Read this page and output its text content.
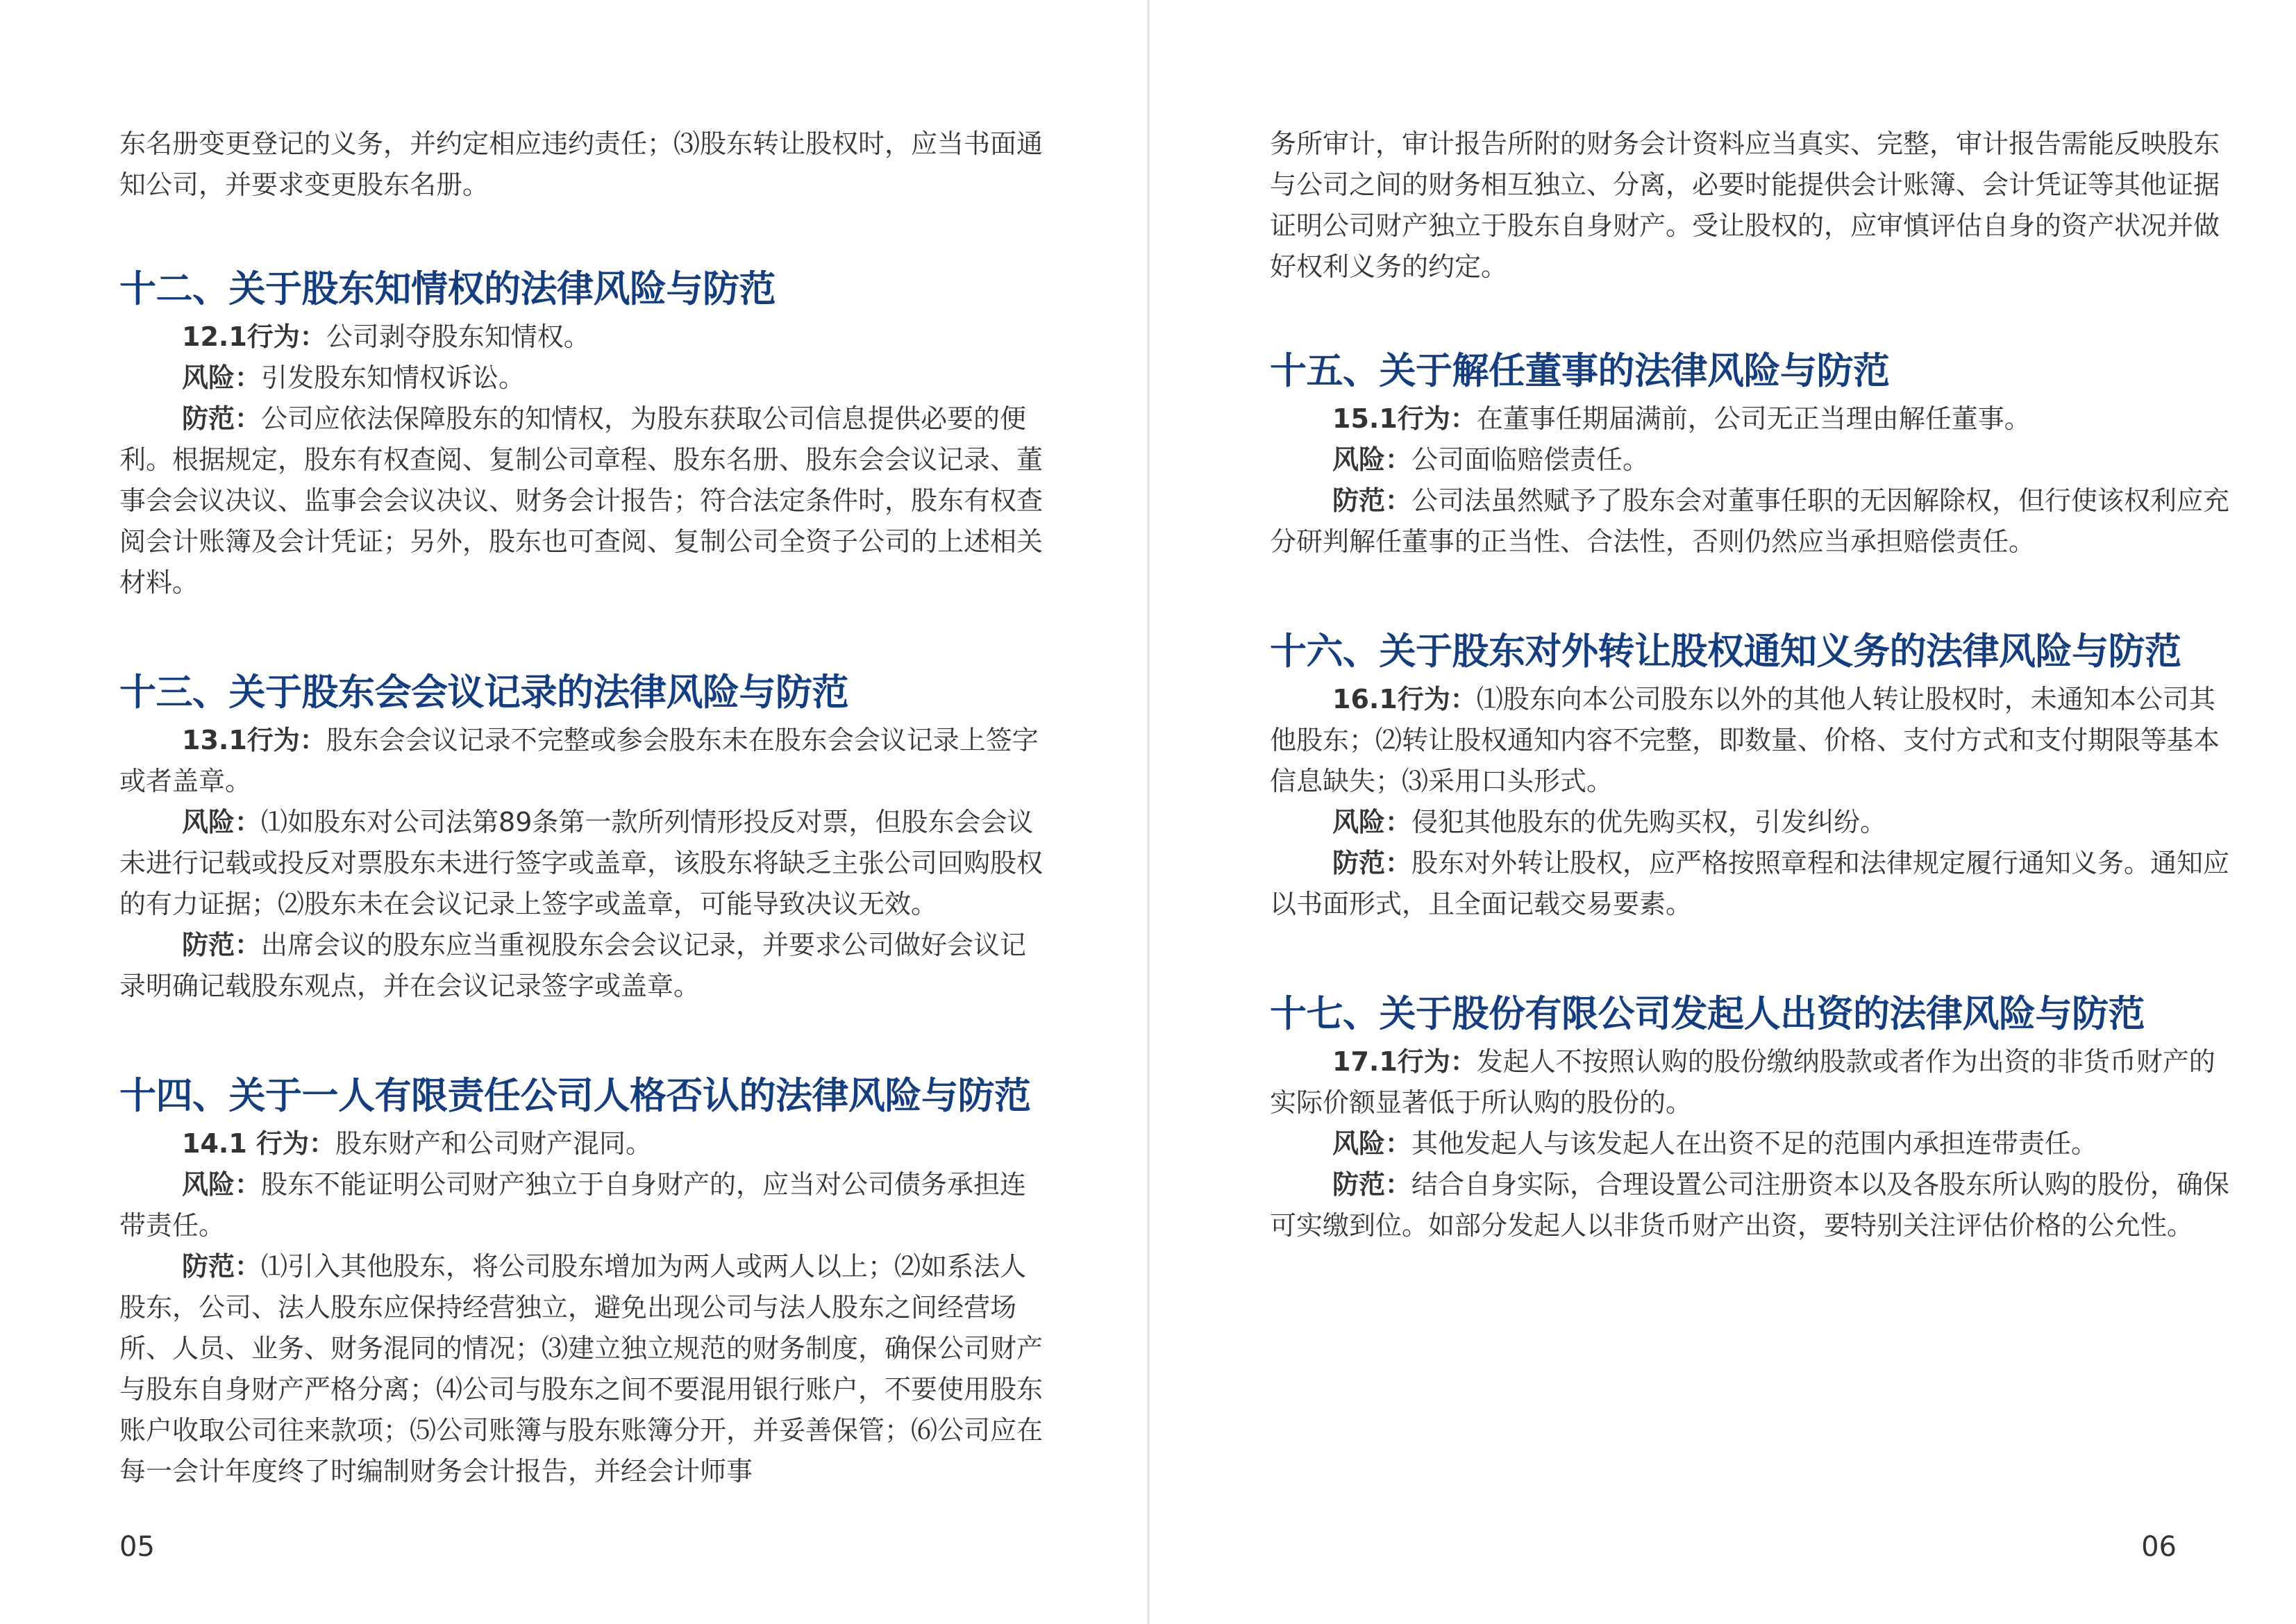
东名册变更登记的义务，并约定相应违约责任；⑶股东转让股权时，应当书面通知公司，并要求变更股东名册。

十二、关于股东知情权的法律风险与防范

12.1行为：公司剥夺股东知情权。

风险：引发股东知情权诉讼。

防范：公司应依法保障股东的知情权，为股东获取公司信息提供必要的便利。根据规定，股东有权查阅、复制公司章程、股东名册、股东会会议记录、董事会会议决议、监事会会议决议、财务会计报告；符合法定条件时，股东有权查阅会计账簿及会计凭证；另外，股东也可查阅、复制公司全资子公司的上述相关材料。

十三、关于股东会会议记录的法律风险与防范

13.1行为：股东会会议记录不完整或参会股东未在股东会会议记录上签字或者盖章。

风险：⑴如股东对公司法第89条第一款所列情形投反对票，但股东会会议未进行记载或投反对票股东未进行签字或盖章，该股东将缺乏主张公司回购股权的有力证据；⑵股东未在会议记录上签字或盖章，可能导致决议无效。

防范：出席会议的股东应当重视股东会会议记录，并要求公司做好会议记录明确记载股东观点，并在会议记录签字或盖章。

十四、关于一人有限责任公司人格否认的法律风险与防范

14.1 行为：股东财产和公司财产混同。

风险：股东不能证明公司财产独立于自身财产的，应当对公司债务承担连带责任。

防范：⑴引入其他股东，将公司股东增加为两人或两人以上；⑵如系法人股东，公司、法人股东应保持经营独立，避免出现公司与法人股东之间经营场所、人员、业务、财务混同的情况；⑶建立独立规范的财务制度，确保公司财产与股东自身财产严格分离；⑷公司与股东之间不要混用银行账户，不要使用股东账户收取公司往来款项；⑸公司账簿与股东账簿分开，并妥善保管；⑹公司应在每一会计年度终了时编制财务会计报告，并经会计师事

05

务所审计，审计报告所附的财务会计资料应当真实、完整，审计报告需能反映股东与公司之间的财务相互独立、分离，必要时能提供会计账簿、会计凭证等其他证据证明公司财产独立于股东自身财产。受让股权的，应审慎评估自身的资产状况并做好权利义务的约定。

十五、关于解任董事的法律风险与防范

15.1行为：在董事任期届满前，公司无正当理由解任董事。

风险：公司面临赔偿责任。

防范：公司法虽然赋予了股东会对董事任职的无因解除权，但行使该权利应充分研判解任董事的正当性、合法性，否则仍然应当承担赔偿责任。

十六、关于股东对外转让股权通知义务的法律风险与防范

16.1行为：⑴股东向本公司股东以外的其他人转让股权时，未通知本公司其他股东；⑵转让股权通知内容不完整，即数量、价格、支付方式和支付期限等基本信息缺失；⑶采用口头形式。

风险：侵犯其他股东的优先购买权，引发纠纷。

防范：股东对外转让股权，应严格按照章程和法律规定履行通知义务。通知应以书面形式，且全面记载交易要素。

十七、关于股份有限公司发起人出资的法律风险与防范

17.1行为：发起人不按照认购的股份缴纳股款或者作为出资的非货币财产的实际价额显著低于所认购的股份的。

风险：其他发起人与该发起人在出资不足的范围内承担连带责任。

防范：结合自身实际，合理设置公司注册资本以及各股东所认购的股份，确保可实缴到位。如部分发起人以非货币财产出资，要特别关注评估价格的公允性。

06
